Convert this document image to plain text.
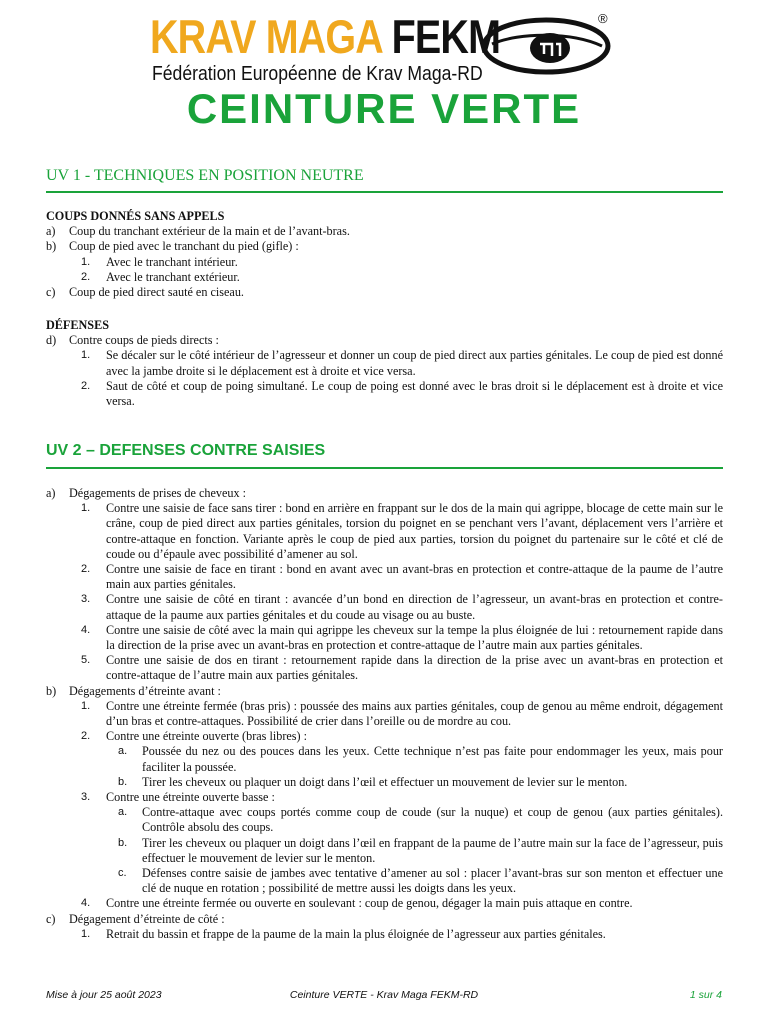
KRAV MAGA FEKM
Fédération Européenne de Krav Maga-RD
®
CEINTURE VERTE
UV 1 - TECHNIQUES EN POSITION NEUTRE

COUPS DONNÉS SANS APPELS

a) Coup du tranchant extérieur de la main et de l’avant-bras.
b) Coup de pied avec le tranchant du pied (gifle) :
1. Avec le tranchant intérieur.
2. Avec le tranchant extérieur.
c) Coup de pied direct sauté en ciseau.

DÉFENSES

d) Contre coups de pieds directs :
1. Se décaler sur le côté intérieur de l’agresseur et donner un coup de pied direct aux parties génitales. Le coup de pied est donné avec la jambe droite si le déplacement est à droite et vice versa.
2. Saut de côté et coup de poing simultané. Le coup de poing est donné avec le bras droit si le déplacement est à droite et vice versa.
UV 2 – DEFENSES CONTRE SAISIES
a) Dégagements de prises de cheveux :
1. Contre une saisie de face sans tirer : bond en arrière en frappant sur le dos de la main qui agrippe, blocage de cette main sur le crâne, coup de pied direct aux parties génitales, torsion du poignet en se penchant vers l’avant, déplacement vers l’arrière et contre-attaque en fonction. Variante après le coup de pied aux parties, torsion du poignet du partenaire sur le côté et clé de coude ou d’épaule avec possibilité d’amener au sol.
2. Contre une saisie de face en tirant : bond en avant avec un avant-bras en protection et contre-attaque de la paume de l’autre main aux parties génitales.
3. Contre une saisie de côté en tirant : avancée d’un bond en direction de l’agresseur, un avant-bras en protection et contre-attaque de la paume aux parties génitales et du coude au visage ou au buste.
4. Contre une saisie de côté avec la main qui agrippe les cheveux sur la tempe la plus éloignée de lui : retournement rapide dans la direction de la prise avec un avant-bras en protection et contre-attaque de l’autre main aux parties génitales.
5. Contre une saisie de dos en tirant : retournement rapide dans la direction de la prise avec un avant-bras en protection et contre-attaque de l’autre main aux parties génitales.
b) Dégagements d’étreinte avant :
1. Contre une étreinte fermée (bras pris) : poussée des mains aux parties génitales, coup de genou au même endroit, dégagement d’un bras et contre-attaques. Possibilité de crier dans l’oreille ou de mordre au cou.
2. Contre une étreinte ouverte (bras libres) :
a. Poussée du nez ou des pouces dans les yeux. Cette technique n’est pas faite pour endommager les yeux, mais pour faciliter la poussée.
b. Tirer les cheveux ou plaquer un doigt dans l’œil et effectuer un mouvement de levier sur le menton.
3. Contre une étreinte ouverte basse :
a. Contre-attaque avec coups portés comme coup de coude (sur la nuque) et coup de genou (aux parties génitales). Contrôle absolu des coups.
b. Tirer les cheveux ou plaquer un doigt dans l’œil en frappant de la paume de l’autre main sur la face de l’agresseur, puis effectuer le mouvement de levier sur le menton.
c. Défenses contre saisie de jambes avec tentative d’amener au sol : placer l’avant-bras sur son menton et effectuer une clé de nuque en rotation ; possibilité de mettre aussi les doigts dans les yeux.
4. Contre une étreinte fermée ou ouverte en soulevant : coup de genou, dégager la main puis attaque en contre.
c) Dégagement d’étreinte de côté :
1. Retrait du bassin et frappe de la paume de la main la plus éloignée de l’agresseur aux parties génitales.
Mise à jour 25 août 2023	Ceinture VERTE - Krav Maga FEKM-RD	1 sur 4
